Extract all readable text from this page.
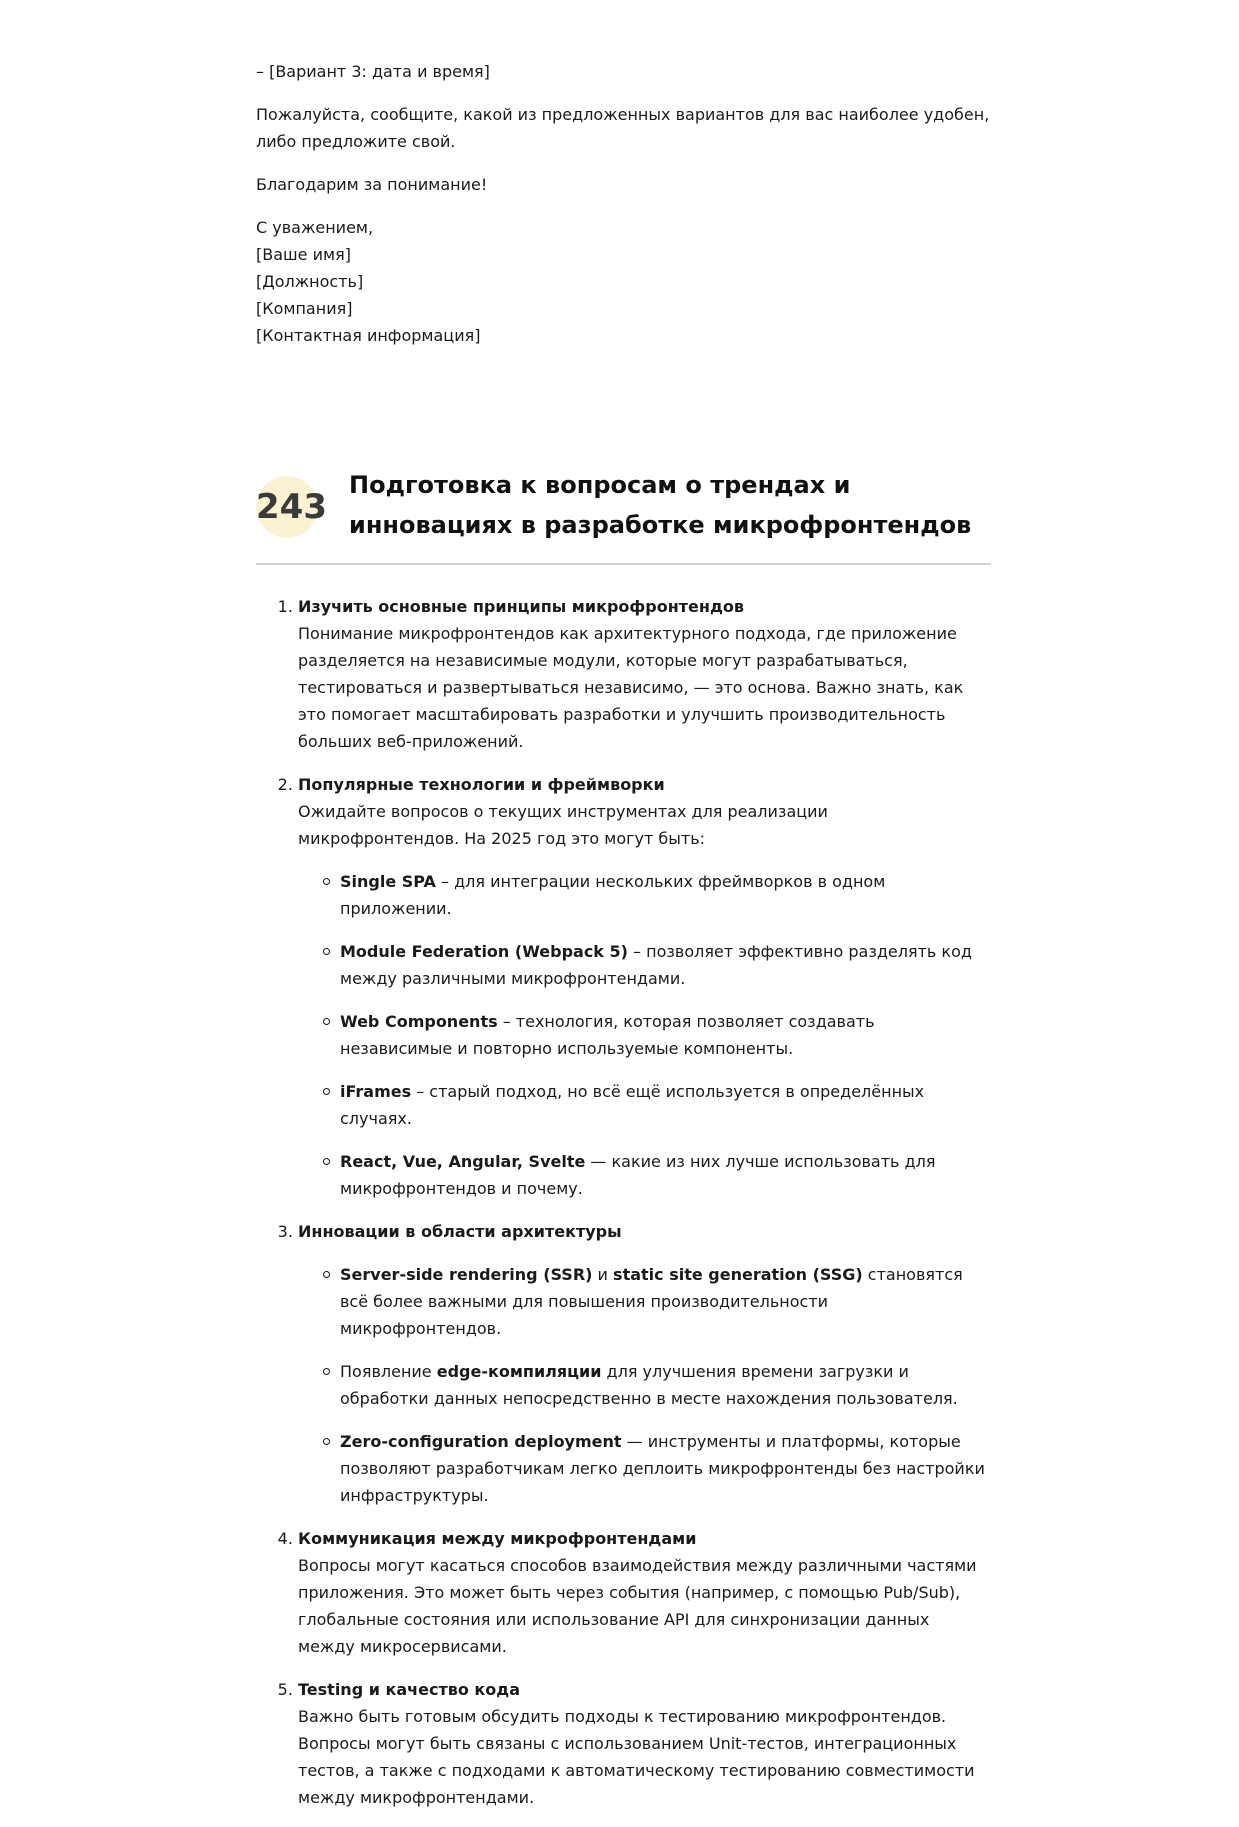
– [Вариант 3: дата и время]

Пожалуйста, сообщите, какой из предложенных вариантов для вас наиболее удобен, либо предложите свой.

Благодарим за понимание!

С уважением,

[Ваше имя]

[Должность]

[Компания]

[Контактная информация]

243
Подготовка к вопросам о трендах и инновациях в разработке микрофронтендов
1. Изучить основные принципы микрофронтендов
Понимание микрофронтендов как архитектурного подхода, где приложение разделяется на независимые модули, которые могут разрабатываться, тестироваться и развертываться независимо, — это основа. Важно знать, как это помогает масштабировать разработки и улучшить производительность больших веб-приложений.
2. Популярные технологии и фреймворки
Ожидайте вопросов о текущих инструментах для реализации микрофронтендов. На 2025 год это могут быть:
Single SPA – для интеграции нескольких фреймворков в одном приложении.
Module Federation (Webpack 5) – позволяет эффективно разделять код между различными микрофронтендами.
Web Components – технология, которая позволяет создавать независимые и повторно используемые компоненты.
iFrames – старый подход, но всё ещё используется в определённых случаях.
React, Vue, Angular, Svelte — какие из них лучше использовать для микрофронтендов и почему.
3. Инновации в области архитектуры
Server-side rendering (SSR) и static site generation (SSG) становятся всё более важными для повышения производительности микрофронтендов.
Появление edge-компиляции для улучшения времени загрузки и обработки данных непосредственно в месте нахождения пользователя.
Zero-configuration deployment — инструменты и платформы, которые позволяют разработчикам легко деплоить микрофронтенды без настройки инфраструктуры.
4. Коммуникация между микрофронтендами
Вопросы могут касаться способов взаимодействия между различными частями приложения. Это может быть через события (например, с помощью Pub/Sub), глобальные состояния или использование API для синхронизации данных между микросервисами.
5. Testing и качество кода
Важно быть готовым обсудить подходы к тестированию микрофронтендов. Вопросы могут быть связаны с использованием Unit-тестов, интеграционных тестов, а также с подходами к автоматическому тестированию совместимости между микрофронтендами.
